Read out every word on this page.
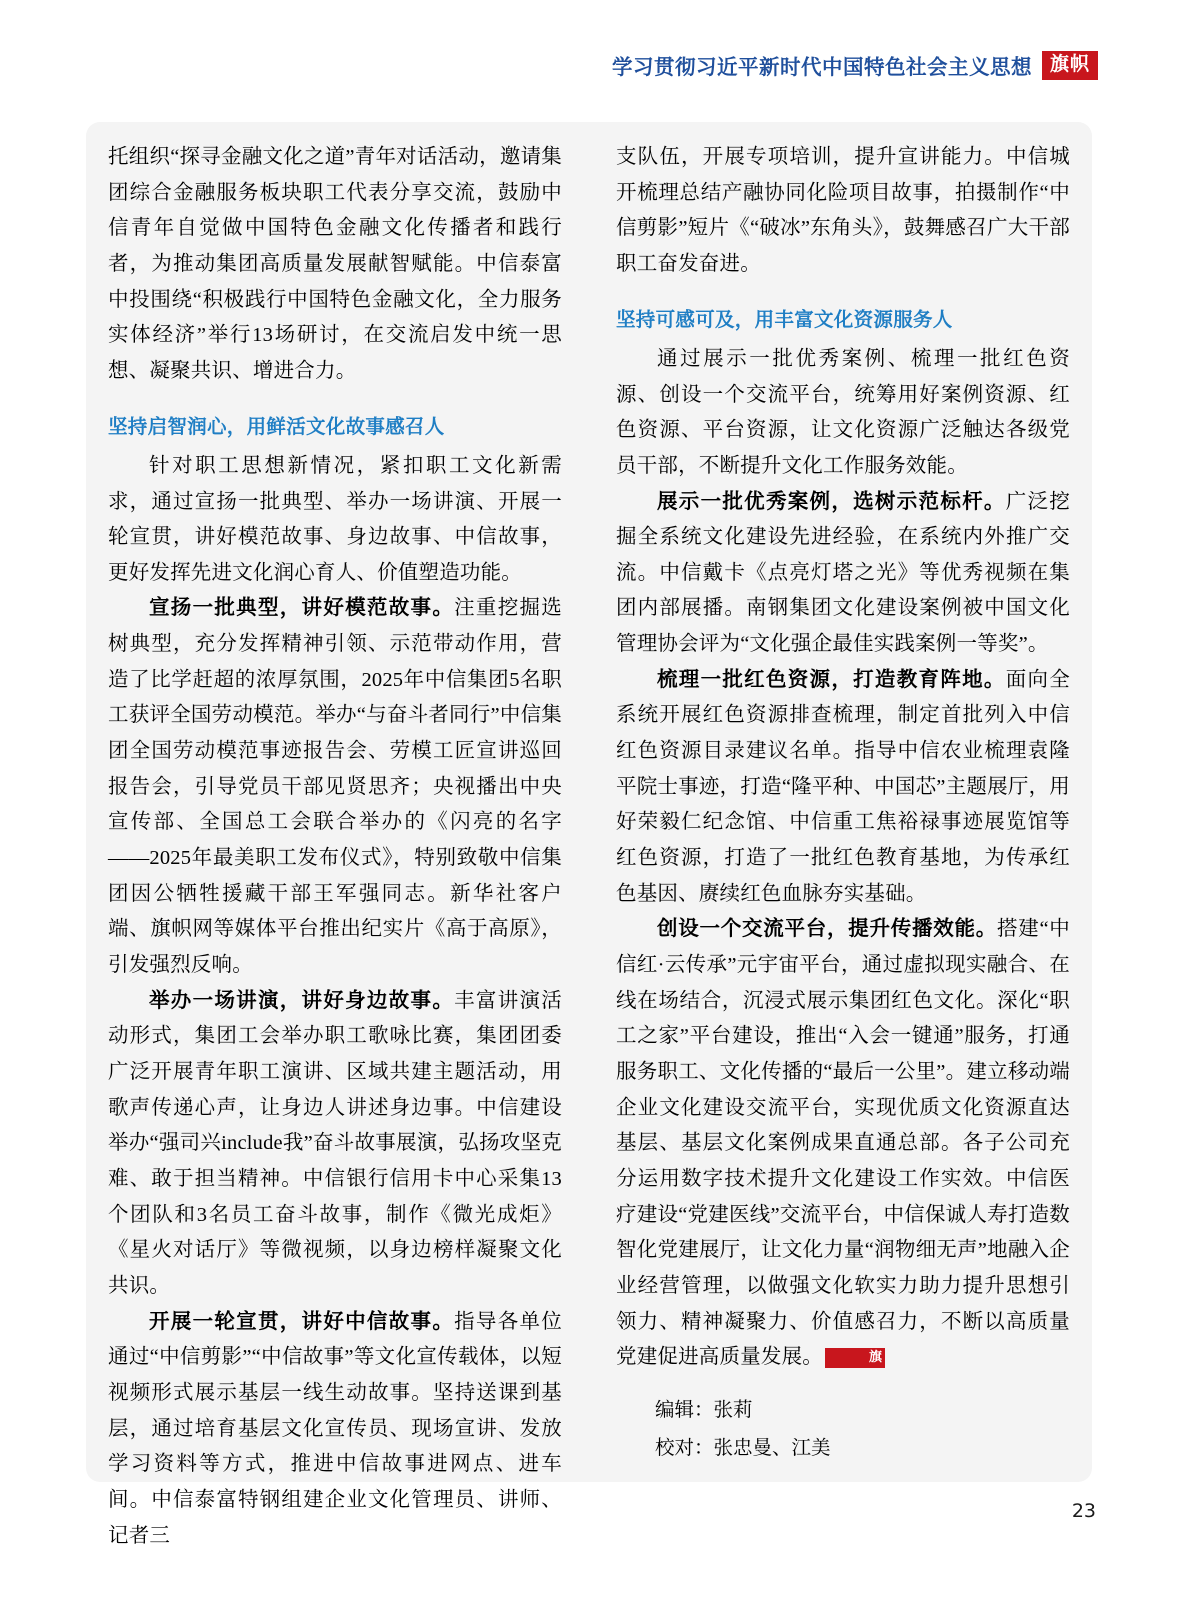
学习贯彻习近平新时代中国特色社会主义思想 旗帜

托组织“探寻金融文化之道”青年对话活动，邀请集团综合金融服务板块职工代表分享交流，鼓励中信青年自觉做中国特色金融文化传播者和践行者，为推动集团高质量发展献智赋能。中信泰富中投围绕“积极践行中国特色金融文化，全力服务实体经济”举行13场研讨，在交流启发中统一思想、凝聚共识、增进合力。

坚持启智润心，用鲜活文化故事感召人

针对职工思想新情况，紧扣职工文化新需求，通过宣扬一批典型、举办一场讲演、开展一轮宣贯，讲好模范故事、身边故事、中信故事，更好发挥先进文化润心育人、价值塑造功能。

宣扬一批典型，讲好模范故事。注重挖掘选树典型，充分发挥精神引领、示范带动作用，营造了比学赶超的浓厚氛围，2025年中信集团5名职工获评全国劳动模范。举办“与奋斗者同行”中信集团全国劳动模范事迹报告会、劳模工匠宣讲巡回报告会，引导党员干部见贤思齐；央视播出中央宣传部、全国总工会联合举办的《闪亮的名字——2025年最美职工发布仪式》，特别致敬中信集团因公牺牲援藏干部王军强同志。新华社客户端、旗帜网等媒体平台推出纪实片《高于高原》，引发强烈反响。

举办一场讲演，讲好身边故事。丰富讲演活动形式，集团工会举办职工歌咏比赛，集团团委广泛开展青年职工演讲、区域共建主题活动，用歌声传递心声，让身边人讲述身边事。中信建设举办“强司兴include我”奋斗故事展演，弘扬攻坚克难、敢于担当精神。中信银行信用卡中心采集13个团队和3名员工奋斗故事，制作《微光成炬》《星火对话厅》等微视频，以身边榜样凝聚文化共识。

开展一轮宣贯，讲好中信故事。指导各单位通过“中信剪影”“中信故事”等文化宣传载体，以短视频形式展示基层一线生动故事。坚持送课到基层，通过培育基层文化宣传员、现场宣讲、发放学习资料等方式，推进中信故事进网点、进车间。中信泰富特钢组建企业文化管理员、讲师、记者三

支队伍，开展专项培训，提升宣讲能力。中信城开梳理总结产融协同化险项目故事，拍摄制作“中信剪影”短片《“破冰”东角头》，鼓舞感召广大干部职工奋发奋进。

坚持可感可及，用丰富文化资源服务人

通过展示一批优秀案例、梳理一批红色资源、创设一个交流平台，统筹用好案例资源、红色资源、平台资源，让文化资源广泛触达各级党员干部，不断提升文化工作服务效能。

展示一批优秀案例，选树示范标杆。广泛挖掘全系统文化建设先进经验，在系统内外推广交流。中信戴卡《点亮灯塔之光》等优秀视频在集团内部展播。南钢集团文化建设案例被中国文化管理协会评为“文化强企最佳实践案例一等奖”。

梳理一批红色资源，打造教育阵地。面向全系统开展红色资源排查梳理，制定首批列入中信红色资源目录建议名单。指导中信农业梳理袁隆平院士事迹，打造“隆平种、中国芯”主题展厅，用好荣毅仁纪念馆、中信重工焦裕禄事迹展览馆等红色资源，打造了一批红色教育基地，为传承红色基因、赓续红色血脉夯实基础。

创设一个交流平台，提升传播效能。搭建“中信红·云传承”元宇宙平台，通过虚拟现实融合、在线在场结合，沉浸式展示集团红色文化。深化“职工之家”平台建设，推出“入会一键通”服务，打通服务职工、文化传播的“最后一公里”。建立移动端企业文化建设交流平台，实现优质文化资源直达基层、基层文化案例成果直通总部。各子公司充分运用数字技术提升文化建设工作实效。中信医疗建设“党建医线”交流平台，中信保诚人寿打造数智化党建展厅，让文化力量“润物细无声”地融入企业经营管理，以做强文化软实力助力提升思想引领力、精神凝聚力、价值感召力，不断以高质量党建促进高质量发展。	旗

编辑：张莉
校对：张忠曼、江美
23
